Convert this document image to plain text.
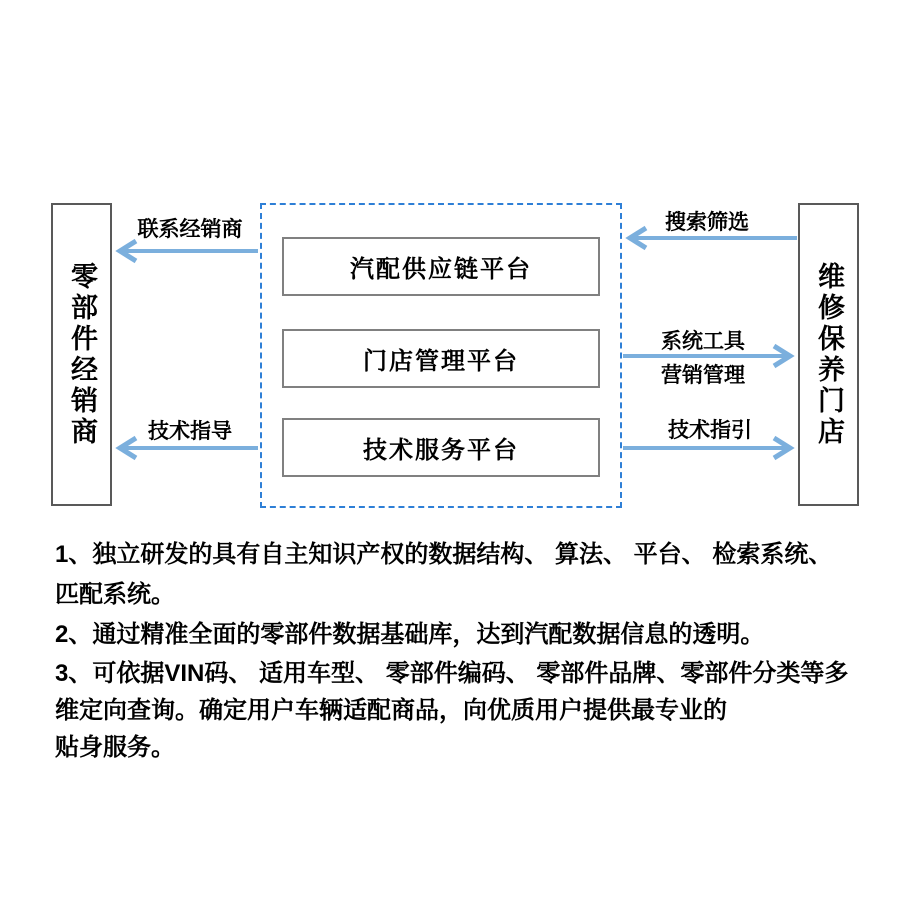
零部件经销商	维修保养门店
汽配供应链平台
门店管理平台
技术服务平台
联系经销商
技术指导
搜索筛选
系统工具
营销管理
技术指引

1、独立研发的具有自主知识产权的数据结构、 算法、 平台、 检索系统、
匹配系统。

2、通过精准全面的零部件数据基础库，达到汽配数据信息的透明。

3、可依据VIN码、 适用车型、 零部件编码、 零部件品牌、零部件分类等多
维定向查询。确定用户车辆适配商品，向优质用户提供最专业的
贴身服务。
